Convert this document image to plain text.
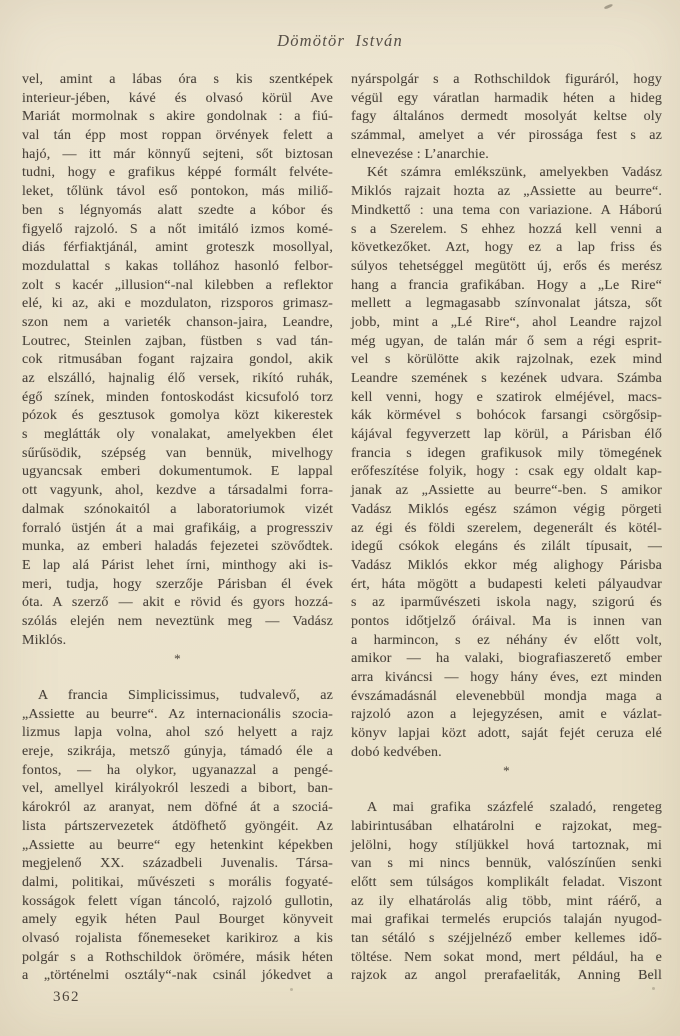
Dömötör István
vel, amint a lábas óra s kis szentképek
interieur-jében, kávé és olvasó körül Ave
Mariát mormolnak s akire gondolnak : a fiú-
val tán épp most roppan örvények felett a
hajó, — itt már könnyű sejteni, sőt biztosan
tudni, hogy e grafikus képpé formált felvéte-
leket, tőlünk távol eső pontokon, más miliő-
ben s légnyomás alatt szedte a kóbor és
figyelő rajzoló. S a nőt imitáló izmos komé-
diás férfiaktjánál, amint groteszk mosollyal,
mozdulattal s kakas tollához hasonló felbor-
zolt s kacér „illusion“-nal kilebben a reflektor
elé, ki az, aki e mozdulaton, rizsporos grimasz-
szon nem a varieték chanson-jaira, Leandre,
Loutrec, Steinlen zajban, füstben s vad tán-
cok ritmusában fogant rajzaira gondol, akik
az elszálló, hajnalig élő versek, rikító ruhák,
égő színek, minden fontoskodást kicsufoló torz
pózok és gesztusok gomolya közt kikerestek
s meglátták oly vonalakat, amelyekben élet
sűrűsödik, szépség van bennük, mivelhogy
ugyancsak emberi dokumentumok. E lappal
ott vagyunk, ahol, kezdve a társadalmi forra-
dalmak szónokaitól a laboratoriumok vizét
forraló üstjén át a mai grafikáig, a progressziv
munka, az emberi haladás fejezetei szövődtek.
E lap alá Párist lehet írni, minthogy aki is-
meri, tudja, hogy szerzője Párisban él évek
óta. A szerző — akit e rövid és gyors hozzá-
szólás elején nem neveztünk meg — Vadász
Miklós.
*
A francia Simplicissimus, tudvalevő, az
„Assiette au beurre“. Az internacionális szocia-
lizmus lapja volna, ahol szó helyett a rajz
ereje, szikrája, metsző gúnyja, támadó éle a
fontos, — ha olykor, ugyanazzal a pengé-
vel, amellyel királyokról leszedi a bibort, ban-
károkról az aranyat, nem döfné át a szociá-
lista pártszervezetek átdöfhető gyöngéit. Az
„Assiette au beurre“ egy hetenkint képekben
megjelenő XX. századbeli Juvenalis. Társa-
dalmi, politikai, művészeti s morális fogyaté-
kosságok felett vígan táncoló, rajzoló gullotin,
amely egyik héten Paul Bourget könyveit
olvasó rojalista főnemeseket karikiroz a kis
polgár s a Rothschildok örömére, másik héten
a „történelmi osztály“-nak csinál jókedvet a
nyárspolgár s a Rothschildok figuráról, hogy
végül egy váratlan harmadik héten a hideg
fagy általános dermedt mosolyát keltse oly
számmal, amelyet a vér pirossága fest s az
elnevezése : L’anarchie.
Két számra emlékszünk, amelyekben Vadász
Miklós rajzait hozta az „Assiette au beurre“.
Mindkettő : una tema con variazione. A Háború
s a Szerelem. S ehhez hozzá kell venni a
következőket. Azt, hogy ez a lap friss és
súlyos tehetséggel megütött új, erős és merész
hang a francia grafikában. Hogy a „Le Rire“
mellett a legmagasabb színvonalat játsza, sőt
jobb, mint a „Lé Rire“, ahol Leandre rajzol
még ugyan, de talán már ő sem a régi esprit-
vel s körülötte akik rajzolnak, ezek mind
Leandre szemének s kezének udvara. Számba
kell venni, hogy e szatirok elméjével, macs-
kák körmével s bohócok farsangi csörgősip-
kájával fegyverzett lap körül, a Párisban élő
francia s idegen grafikusok mily tömegének
erőfeszítése folyik, hogy : csak egy oldalt kap-
janak az „Assiette au beurre“-ben. S amikor
Vadász Miklós egész számon végig pörgeti
az égi és földi szerelem, degenerált és kötél-
idegű csókok elegáns és zilált típusait, —
Vadász Miklós ekkor még alighogy Párisba
ért, háta mögött a budapesti keleti pályaudvar
s az iparművészeti iskola nagy, szigorú és
pontos időtjelző óráival. Ma is innen van
a harmincon, s ez néhány év előtt volt,
amikor — ha valaki, biografiaszerető ember
arra kiváncsi — hogy hány éves, ezt minden
évszámadásnál elevenebbül mondja maga a
rajzoló azon a lejegyzésen, amit e vázlat-
könyv lapjai közt adott, saját fejét ceruza elé
dobó kedvében.
*
A mai grafika százfelé szaladó, rengeteg
labirintusában elhatárolni e rajzokat, meg-
jelölni, hogy stíljükkel hová tartoznak, mi
van s mi nincs bennük, valószínűen senki
előtt sem túlságos komplikált feladat. Viszont
az ily elhatárolás alig több, mint ráérő, a
mai grafikai termelés erupciós talaján nyugod-
tan sétáló s széjjelnéző ember kellemes idő-
töltése. Nem sokat mond, mert például, ha e
rajzok az angol prerafaeliták, Anning Bell
362
